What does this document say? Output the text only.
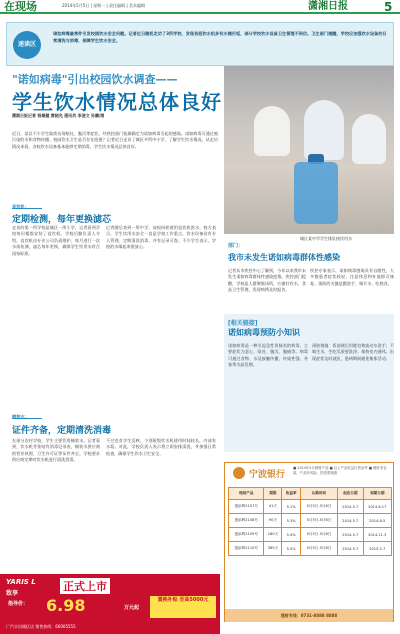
在现场	2014年5月5日 | 星期一 | 责任编辑 | 美术编辑	潇湘日报	5
速读区
诸如病毒最常件引发校园饮水安全问题。记者近日随机走访了3所学校，发现各班饮水机多有水桶污垢，部分学校饮水设备卫生管理不到位。卫生部门提醒，学校应加强饮水设备的日常清洗与消毒，保障学生饮水安全。
"诺如病毒"引出校园饮水调查——
学生饮水情况总体良好
潇湘日报记者 杨雄健 黄晓光 通讯员 李凌文 孙鹏/图
城区某中学学生排队接饮用水
近日，某县不少学生陆续出现呕吐、腹泻等症状，经疾控部门检测确定为诺如病毒引起的感染。诺如病毒可通过被污染的水和食物传播。校园饮水卫生是否存在隐患？记者近日走访了城区多所中小学，了解学生饮水情况。从走访情况来看，各校饮水设备基本能够定期消毒，学生饮水情况总体良好。
直饮机：
定期检测，每年更换滤芯
走访的第一所学校是城区一所小学，记者看到学校每层楼都安装了直饮机。学校后勤负责人介绍，直饮机由专业公司负责维护，每月进行一次水质检测，滤芯每年更换，确保学生饮用水符合国家标准。
记者随后来到一所中学，该校同样使用直饮机供水。校方表示，学生饮用水安全一直是学校工作重点，饮水设备设有专人管理，定期清洗消毒，并有记录可查。不少学生表示，学校的水喝起来很放心。
桶装水：
证件齐备，定期清洗消毒
在部分农村学校，学生主要饮用桶装水。记者看到，饮水机旁张贴有消毒记录表，桶装水供应商的营业执照、卫生许可证等证件齐全。学校要求供应商定期对饮水机进行清洗消毒。
不过也有学生反映，个别班级饮水机使用时间较长，内部有水垢。对此，学校负责人表示将立即安排清洗，并加强日常检查，确保学生饮水卫生安全。
部门：
我市未发生诺如病毒群体性感染
记者从市疾控中心了解到，今年以来我市未发生诺如病毒群体性感染疫情。疾控部门提醒，学校是人群聚集场所，应做好饮水、食品卫生管理，发现病例及时报告。
疾控专家表示，诺如病毒感染具有自限性，大多数患者症状较轻，注意休息和补液即可康复。预防的关键是勤洗手、喝开水、吃熟食。
[相关链接]
诺如病毒预防小知识
诺如病毒是一种引起急性胃肠炎的病毒，主要症状为恶心、呕吐、腹泻、腹痛等。病毒可通过食物、水及接触传播，传染性强，冬春季为高发期。
预防措施：饭前便后用肥皂和流动水洗手；不喝生水，生吃瓜果要洗净；保持室内通风；出现症状及时就医，患病期间避免集体活动。
宁波银行
■ 2014年5月理财产品 ■ 以上产品收益仅供参考 ■ 理财非存款，产品有风险，投资需谨慎
理财产品	期限	收益率	认购时间	起息日期	到期日期
惠添利2107号	41天	5.1%	5月5日-5月6日	2014.5.7	2014.6.17
惠添利2108号	90天	5.3%	5月5日-5月6日	2014.5.7	2014.8.5
惠添利2109号	180天	5.4%	5月5日-5月6日	2014.5.7	2014.11.3
惠添利2110号	365天	5.5%	5月5日-5月6日	2014.5.7	2015.5.7
理财专线：0731-8888 8888
YARIS L
致享
正式上市
指导价： 6.98	万元起
置换补贴 至高5000元
广汽丰田城区店 销售热线：66005555
